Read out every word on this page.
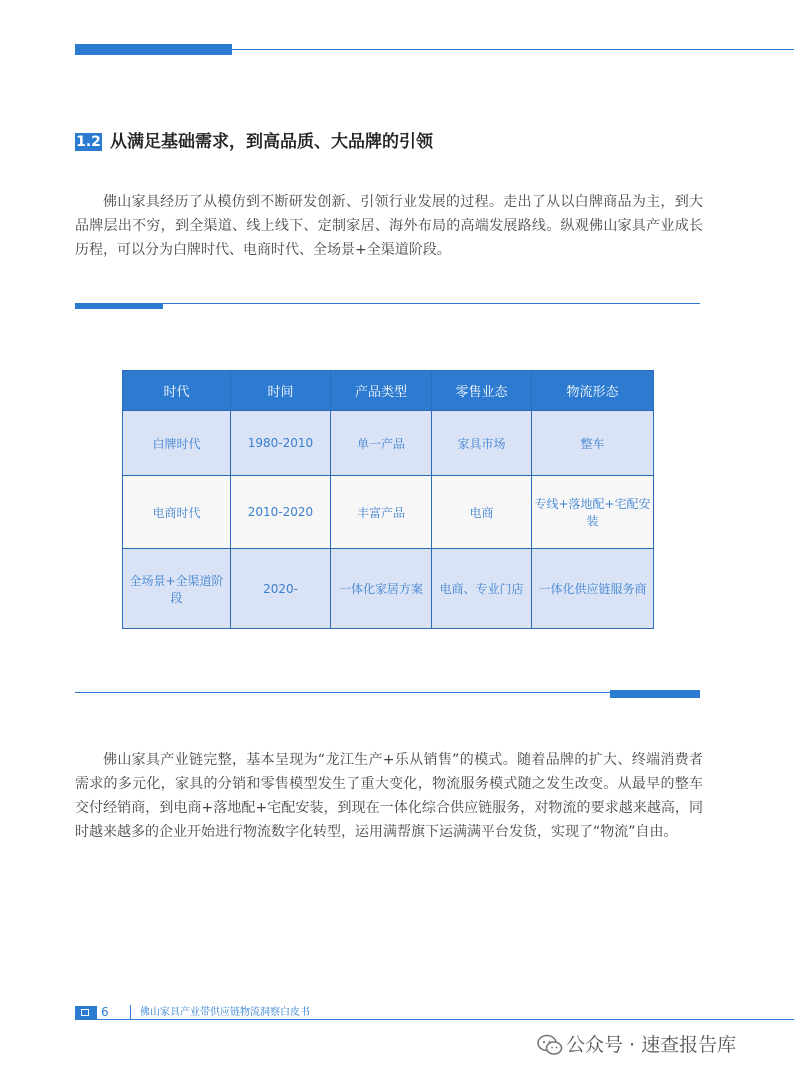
1.2 从满足基础需求，到高品质、大品牌的引领
佛山家具经历了从模仿到不断研发创新、引领行业发展的过程。走出了从以白牌商品为主，到大品牌层出不穷，到全渠道、线上线下、定制家居、海外布局的高端发展路线。纵观佛山家具产业成长历程，可以分为白牌时代、电商时代、全场景+全渠道阶段。
时代	时间	产品类型	零售业态	物流形态
白牌时代	1980-2010	单一产品	家具市场	整车
电商时代	2010-2020	丰富产品	电商	专线+落地配+宅配安装
全场景+全渠道阶段	2020-	一体化家居方案	电商、专业门店	一体化供应链服务商
佛山家具产业链完整，基本呈现为“龙江生产+乐从销售”的模式。随着品牌的扩大、终端消费者需求的多元化，家具的分销和零售模型发生了重大变化，物流服务模式随之发生改变。从最早的整车交付经销商，到电商+落地配+宅配安装，到现在一体化综合供应链服务，对物流的要求越来越高，同时越来越多的企业开始进行物流数字化转型，运用满帮旗下运满满平台发货，实现了“物流”自由。
6	佛山家具产业带供应链物流洞察白皮书
公众号 · 速查报告库
